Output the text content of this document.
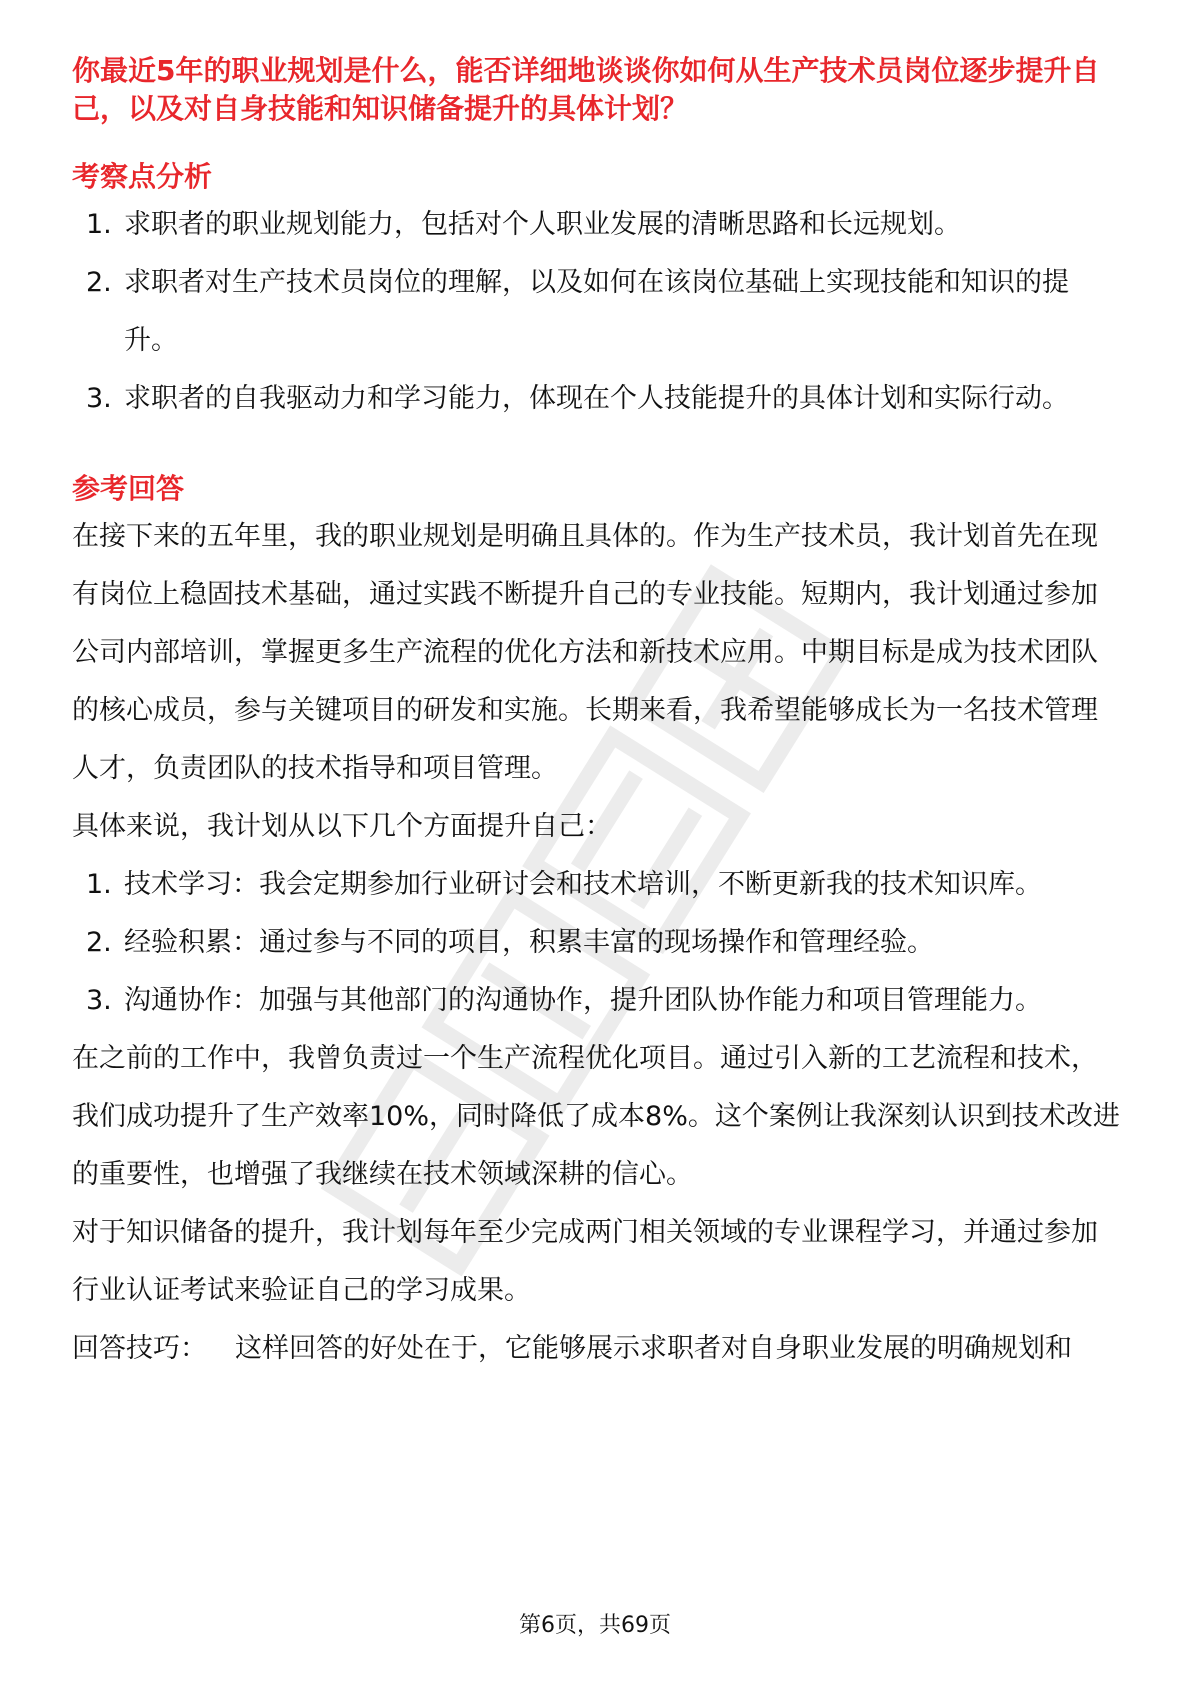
你最近5年的职业规划是什么，能否详细地谈谈你如何从生产技术员岗位逐步提升自己，以及对自身技能和知识储备提升的具体计划？

考察点分析
1. 求职者的职业规划能力，包括对个人职业发展的清晰思路和长远规划。
2. 求职者对生产技术员岗位的理解，以及如何在该岗位基础上实现技能和知识的提升。
3. 求职者的自我驱动力和学习能力，体现在个人技能提升的具体计划和实际行动。
参考回答

在接下来的五年里，我的职业规划是明确且具体的。作为生产技术员，我计划首先在现有岗位上稳固技术基础，通过实践不断提升自己的专业技能。短期内，我计划通过参加公司内部培训，掌握更多生产流程的优化方法和新技术应用。中期目标是成为技术团队的核心成员，参与关键项目的研发和实施。长期来看，我希望能够成长为一名技术管理人才，负责团队的技术指导和项目管理。

具体来说，我计划从以下几个方面提升自己：

1. 技术学习：我会定期参加行业研讨会和技术培训，不断更新我的技术知识库。
2. 经验积累：通过参与不同的项目，积累丰富的现场操作和管理经验。
3. 沟通协作：加强与其他部门的沟通协作，提升团队协作能力和项目管理能力。

在之前的工作中，我曾负责过一个生产流程优化项目。通过引入新的工艺流程和技术，我们成功提升了生产效率10%，同时降低了成本8%。这个案例让我深刻认识到技术改进的重要性，也增强了我继续在技术领域深耕的信心。

对于知识储备的提升，我计划每年至少完成两门相关领域的专业课程学习，并通过参加行业认证考试来验证自己的学习成果。

回答技巧： 这样回答的好处在于，它能够展示求职者对自身职业发展的明确规划和

第6页，共69页
